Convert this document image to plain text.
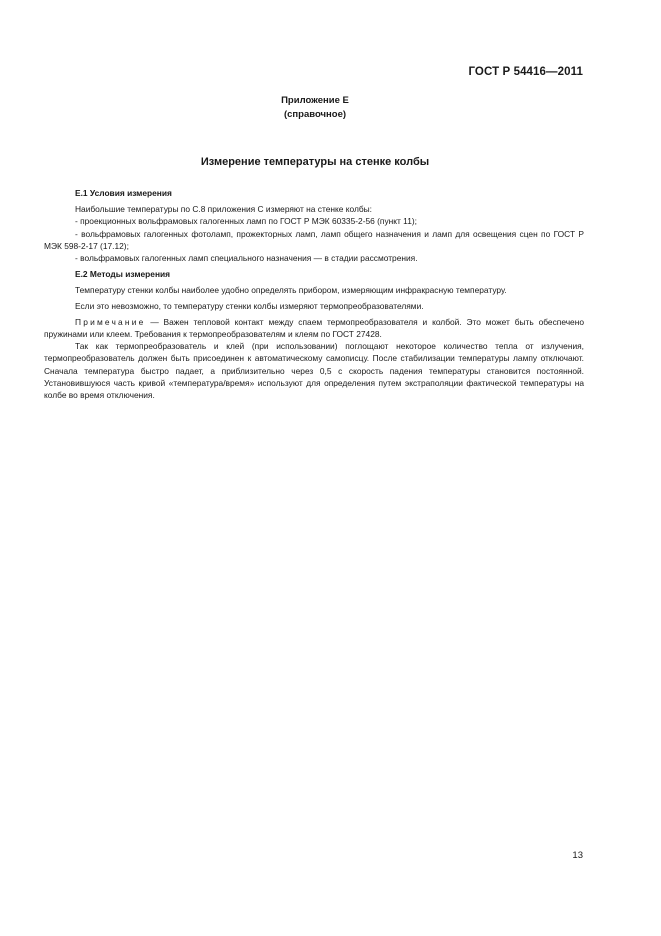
ГОСТ Р 54416—2011
Приложение Е
(справочное)
Измерение температуры на стенке колбы
Е.1 Условия измерения

Наибольшие температуры по С.8 приложения С измеряют на стенке колбы:

- проекционных вольфрамовых галогенных ламп по ГОСТ Р МЭК 60335-2-56 (пункт 11);

- вольфрамовых галогенных фотоламп, прожекторных ламп, ламп общего назначения и ламп для освещения сцен по ГОСТ Р МЭК 598-2-17 (17.12);

- вольфрамовых галогенных ламп специального назначения — в стадии рассмотрения.

Е.2 Методы измерения

Температуру стенки колбы наиболее удобно определять прибором, измеряющим инфракрасную температуру.

Если это невозможно, то температуру стенки колбы измеряют термопреобразователями.

Примечание — Важен тепловой контакт между спаем термопреобразователя и колбой. Это может быть обеспечено пружинами или клеем. Требования к термопреобразователям и клеям по ГОСТ 27428.

Так как термопреобразователь и клей (при использовании) поглощают некоторое количество тепла от излучения, термопреобразователь должен быть присоединен к автоматическому самописцу. После стабилизации температуры лампу отключают. Сначала температура быстро падает, а приблизительно через 0,5 с скорость падения температуры становится постоянной. Установившуюся часть кривой «температура/время» используют для определения путем экстраполяции фактической температуры на колбе во время отключения.

13
